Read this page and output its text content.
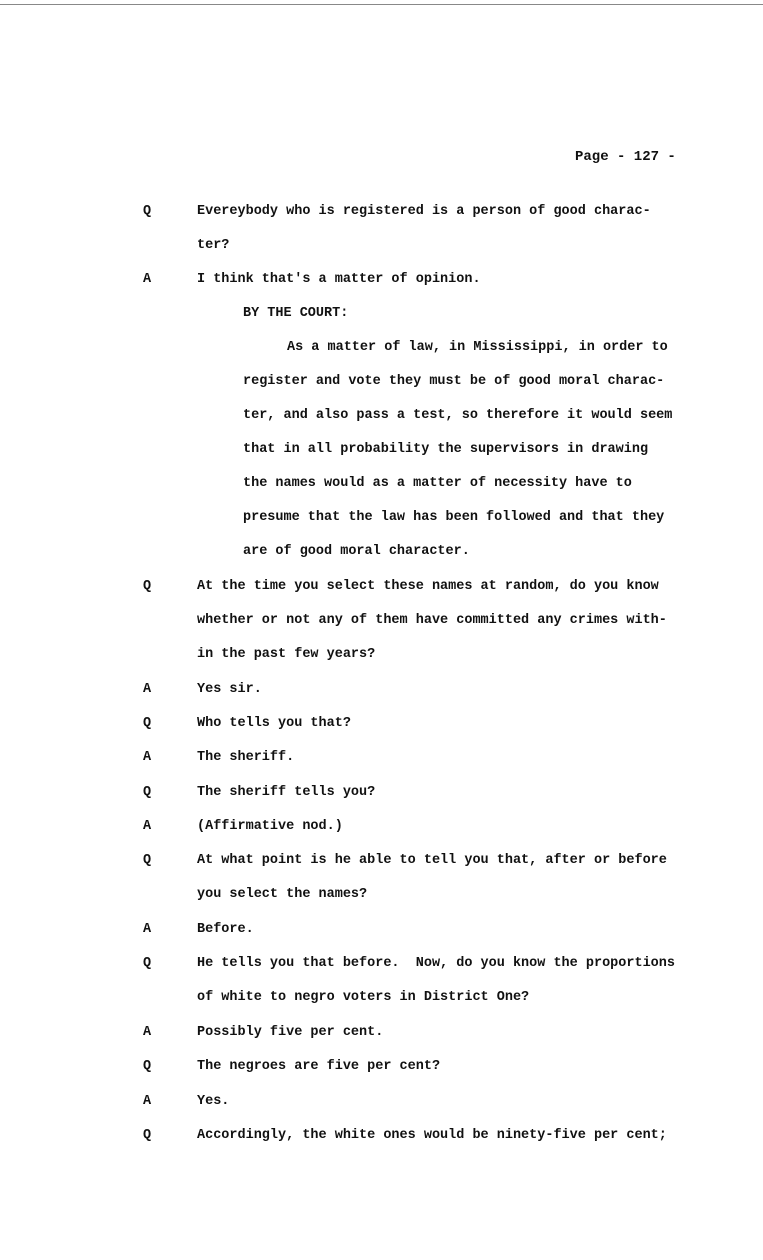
Page - 127 -
Q	Evereybody who is registered is a person of good charac-
ter?
A	I think that's a matter of opinion.
BY THE COURT:
As a matter of law, in Mississippi, in order to
register and vote they must be of good moral charac-
ter, and also pass a test, so therefore it would seem
that in all probability the supervisors in drawing
the names would as a matter of necessity have to
presume that the law has been followed and that they
are of good moral character.
Q	At the time you select these names at random, do you know
whether or not any of them have committed any crimes with-
in the past few years?
A	Yes sir.
Q	Who tells you that?
A	The sheriff.
Q	The sheriff tells you?
A	(Affirmative nod.)
Q	At what point is he able to tell you that, after or before
you select the names?
A	Before.
Q	He tells you that before.  Now, do you know the proportions
of white to negro voters in District One?
A	Possibly five per cent.
Q	The negroes are five per cent?
A	Yes.
Q	Accordingly, the white ones would be ninety-five per cent;
